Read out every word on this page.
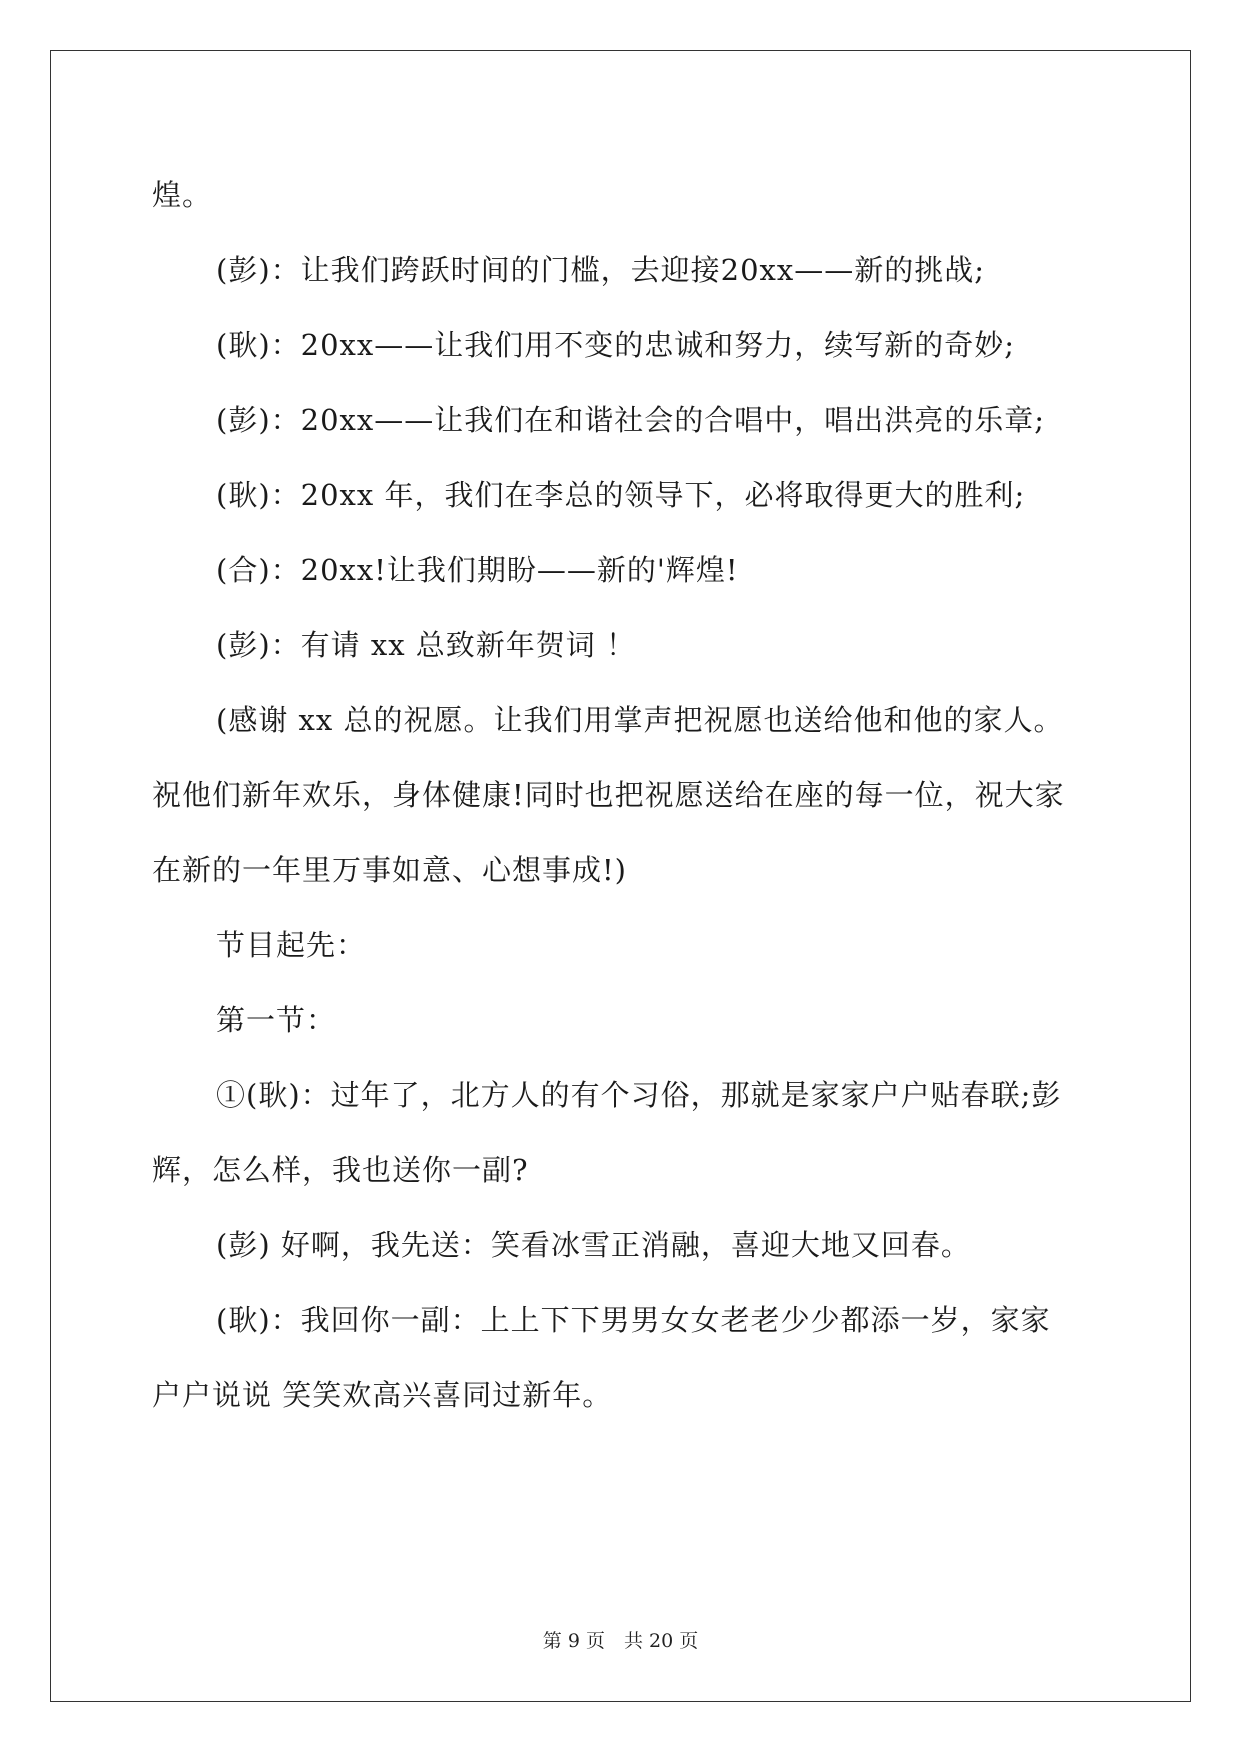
煌。
(彭)：让我们跨跃时间的门槛，去迎接20xx——新的挑战;
(耿)：20xx——让我们用不变的忠诚和努力，续写新的奇妙;
(彭)：20xx——让我们在和谐社会的合唱中，唱出洪亮的乐章;
(耿)：20xx 年，我们在李总的领导下，必将取得更大的胜利;
(合)：20xx!让我们期盼——新的'辉煌!
(彭)：有请 xx 总致新年贺词 ！
(感谢 xx 总的祝愿。让我们用掌声把祝愿也送给他和他的家人。
祝他们新年欢乐，身体健康!同时也把祝愿送给在座的每一位，祝大家
在新的一年里万事如意、心想事成!)
节目起先：
第一节：
①(耿)：过年了，北方人的有个习俗，那就是家家户户贴春联;彭
辉，怎么样，我也送你一副?
(彭) 好啊，我先送：笑看冰雪正消融，喜迎大地又回春。
(耿)：我回你一副：上上下下男男女女老老少少都添一岁，家家
户户说说 笑笑欢高兴喜同过新年。
第 9 页　共 20 页
